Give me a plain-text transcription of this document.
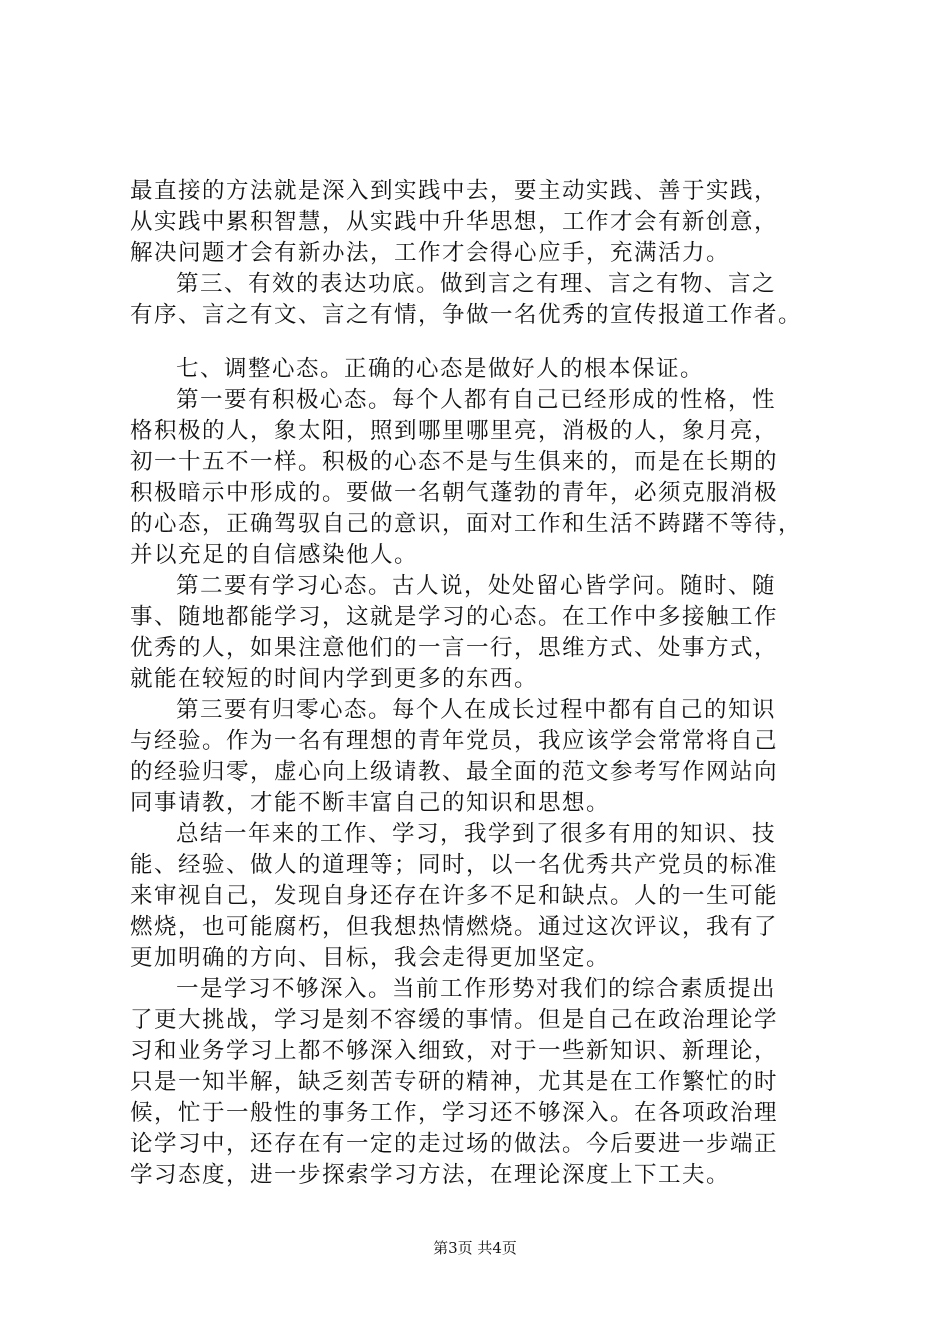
最直接的方法就是深入到实践中去，要主动实践、善于实践，
从实践中累积智慧，从实践中升华思想，工作才会有新创意，
解决问题才会有新办法，工作才会得心应手，充满活力。
第三、有效的表达功底。做到言之有理、言之有物、言之
有序、言之有文、言之有情，争做一名优秀的宣传报道工作者。
七、调整心态。正确的心态是做好人的根本保证。
第一要有积极心态。每个人都有自己已经形成的性格，性
格积极的人，象太阳，照到哪里哪里亮，消极的人，象月亮，
初一十五不一样。积极的心态不是与生俱来的，而是在长期的
积极暗示中形成的。要做一名朝气蓬勃的青年，必须克服消极
的心态，正确驾驭自己的意识，面对工作和生活不踌躇不等待，
并以充足的自信感染他人。
第二要有学习心态。古人说，处处留心皆学问。随时、随
事、随地都能学习，这就是学习的心态。在工作中多接触工作
优秀的人，如果注意他们的一言一行，思维方式、处事方式，
就能在较短的时间内学到更多的东西。
第三要有归零心态。每个人在成长过程中都有自己的知识
与经验。作为一名有理想的青年党员，我应该学会常常将自己
的经验归零，虚心向上级请教、最全面的范文参考写作网站向
同事请教，才能不断丰富自己的知识和思想。
总结一年来的工作、学习，我学到了很多有用的知识、技
能、经验、做人的道理等；同时，以一名优秀共产党员的标准
来审视自己，发现自身还存在许多不足和缺点。人的一生可能
燃烧，也可能腐朽，但我想热情燃烧。通过这次评议，我有了
更加明确的方向、目标，我会走得更加坚定。
一是学习不够深入。当前工作形势对我们的综合素质提出
了更大挑战，学习是刻不容缓的事情。但是自己在政治理论学
习和业务学习上都不够深入细致，对于一些新知识、新理论，
只是一知半解，缺乏刻苦专研的精神，尤其是在工作繁忙的时
候，忙于一般性的事务工作，学习还不够深入。在各项政治理
论学习中，还存在有一定的走过场的做法。今后要进一步端正
学习态度，进一步探索学习方法，在理论深度上下工夫。
第3页 共4页
